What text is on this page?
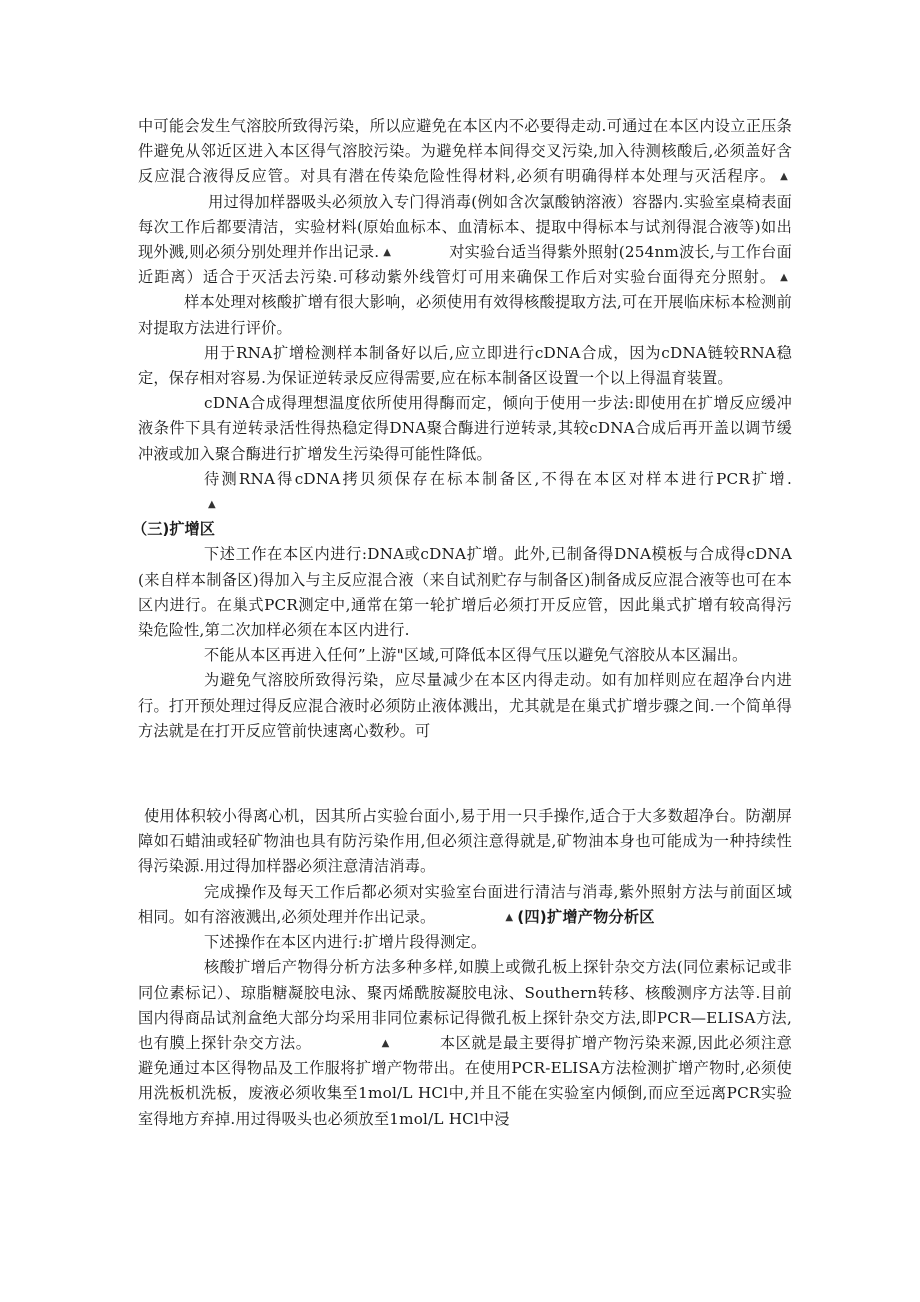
中可能会发生气溶胶所致得污染，所以应避免在本区内不必要得走动.可通过在本区内设立正压条件避免从邻近区进入本区得气溶胶污染。为避免样本间得交叉污染,加入待测核酸后,必须盖好含反应混合液得反应管。对具有潜在传染危险性得材料,必须有明确得样本处理与灭活程序。 ▲用过得加样器吸头必须放入专门得消毒(例如含次氯酸钠溶液）容器内.实验室桌椅表面每次工作后都要清洁，实验材料(原始血标本、血清标本、提取中得标本与试剂得混合液等)如出现外溅,则必须分别处理并作出记录. ▲	对实验台适当得紫外照射(254nm波长,与工作台面近距离）适合于灭活去污染.可移动紫外线管灯可用来确保工作后对实验台面得充分照射。 ▲样本处理对核酸扩增有很大影响，必须使用有效得核酸提取方法,可在开展临床标本检测前对提取方法进行评价。

用于RNA扩增检测样本制备好以后,应立即进行cDNA合成，因为cDNA链较RNA稳定，保存相对容易.为保证逆转录反应得需要,应在标本制备区设置一个以上得温育装置。

cDNA合成得理想温度依所使用得酶而定，倾向于使用一步法:即使用在扩增反应缓冲液条件下具有逆转录活性得热稳定得DNA聚合酶进行逆转录,其较cDNA合成后再开盖以调节缓冲液或加入聚合酶进行扩增发生污染得可能性降低。

待测RNA得cDNA拷贝须保存在标本制备区,不得在本区对样本进行PCR扩增.▲

（三)扩增区

下述工作在本区内进行:DNA或cDNA扩增。此外,已制备得DNA模板与合成得cDNA(来自样本制备区)得加入与主反应混合液（来自试剂贮存与制备区)制备成反应混合液等也可在本区内进行。在巢式PCR测定中,通常在第一轮扩增后必须打开反应管，因此巢式扩增有较高得污染危险性,第二次加样必须在本区内进行.

不能从本区再进入任何”上游"区域,可降低本区得气压以避免气溶胶从本区漏出。

为避免气溶胶所致得污染，应尽量减少在本区内得走动。如有加样则应在超净台内进行。打开预处理过得反应混合液时必须防止液体溅出，尤其就是在巢式扩增步骤之间.一个简单得方法就是在打开反应管前快速离心数秒。可

使用体积较小得离心机，因其所占实验台面小,易于用一只手操作,适合于大多数超净台。防潮屏障如石蜡油或轻矿物油也具有防污染作用,但必须注意得就是,矿物油本身也可能成为一种持续性得污染源.用过得加样器必须注意清洁消毒。

完成操作及每天工作后都必须对实验室台面进行清洁与消毒,紫外照射方法与前面区域相同。如有溶液溅出,必须处理并作出记录。	▲ (四)扩增产物分析区

下述操作在本区内进行:扩增片段得测定。

核酸扩增后产物得分析方法多种多样,如膜上或微孔板上探针杂交方法(同位素标记或非同位素标记）、琼脂糖凝胶电泳、聚丙烯酰胺凝胶电泳、Southern转移、核酸测序方法等.目前国内得商品试剂盒绝大部分均采用非同位素标记得微孔板上探针杂交方法,即PCR—ELISA方法,也有膜上探针杂交方法。	▲	本区就是最主要得扩增产物污染来源,因此必须注意避免通过本区得物品及工作服将扩增产物带出。在使用PCR-ELISA方法检测扩增产物时,必须使用洗板机洗板，废液必须收集至1mol/L HCl中,并且不能在实验室内倾倒,而应至远离PCR实验室得地方弃掉.用过得吸头也必须放至1mol/L HCl中浸
